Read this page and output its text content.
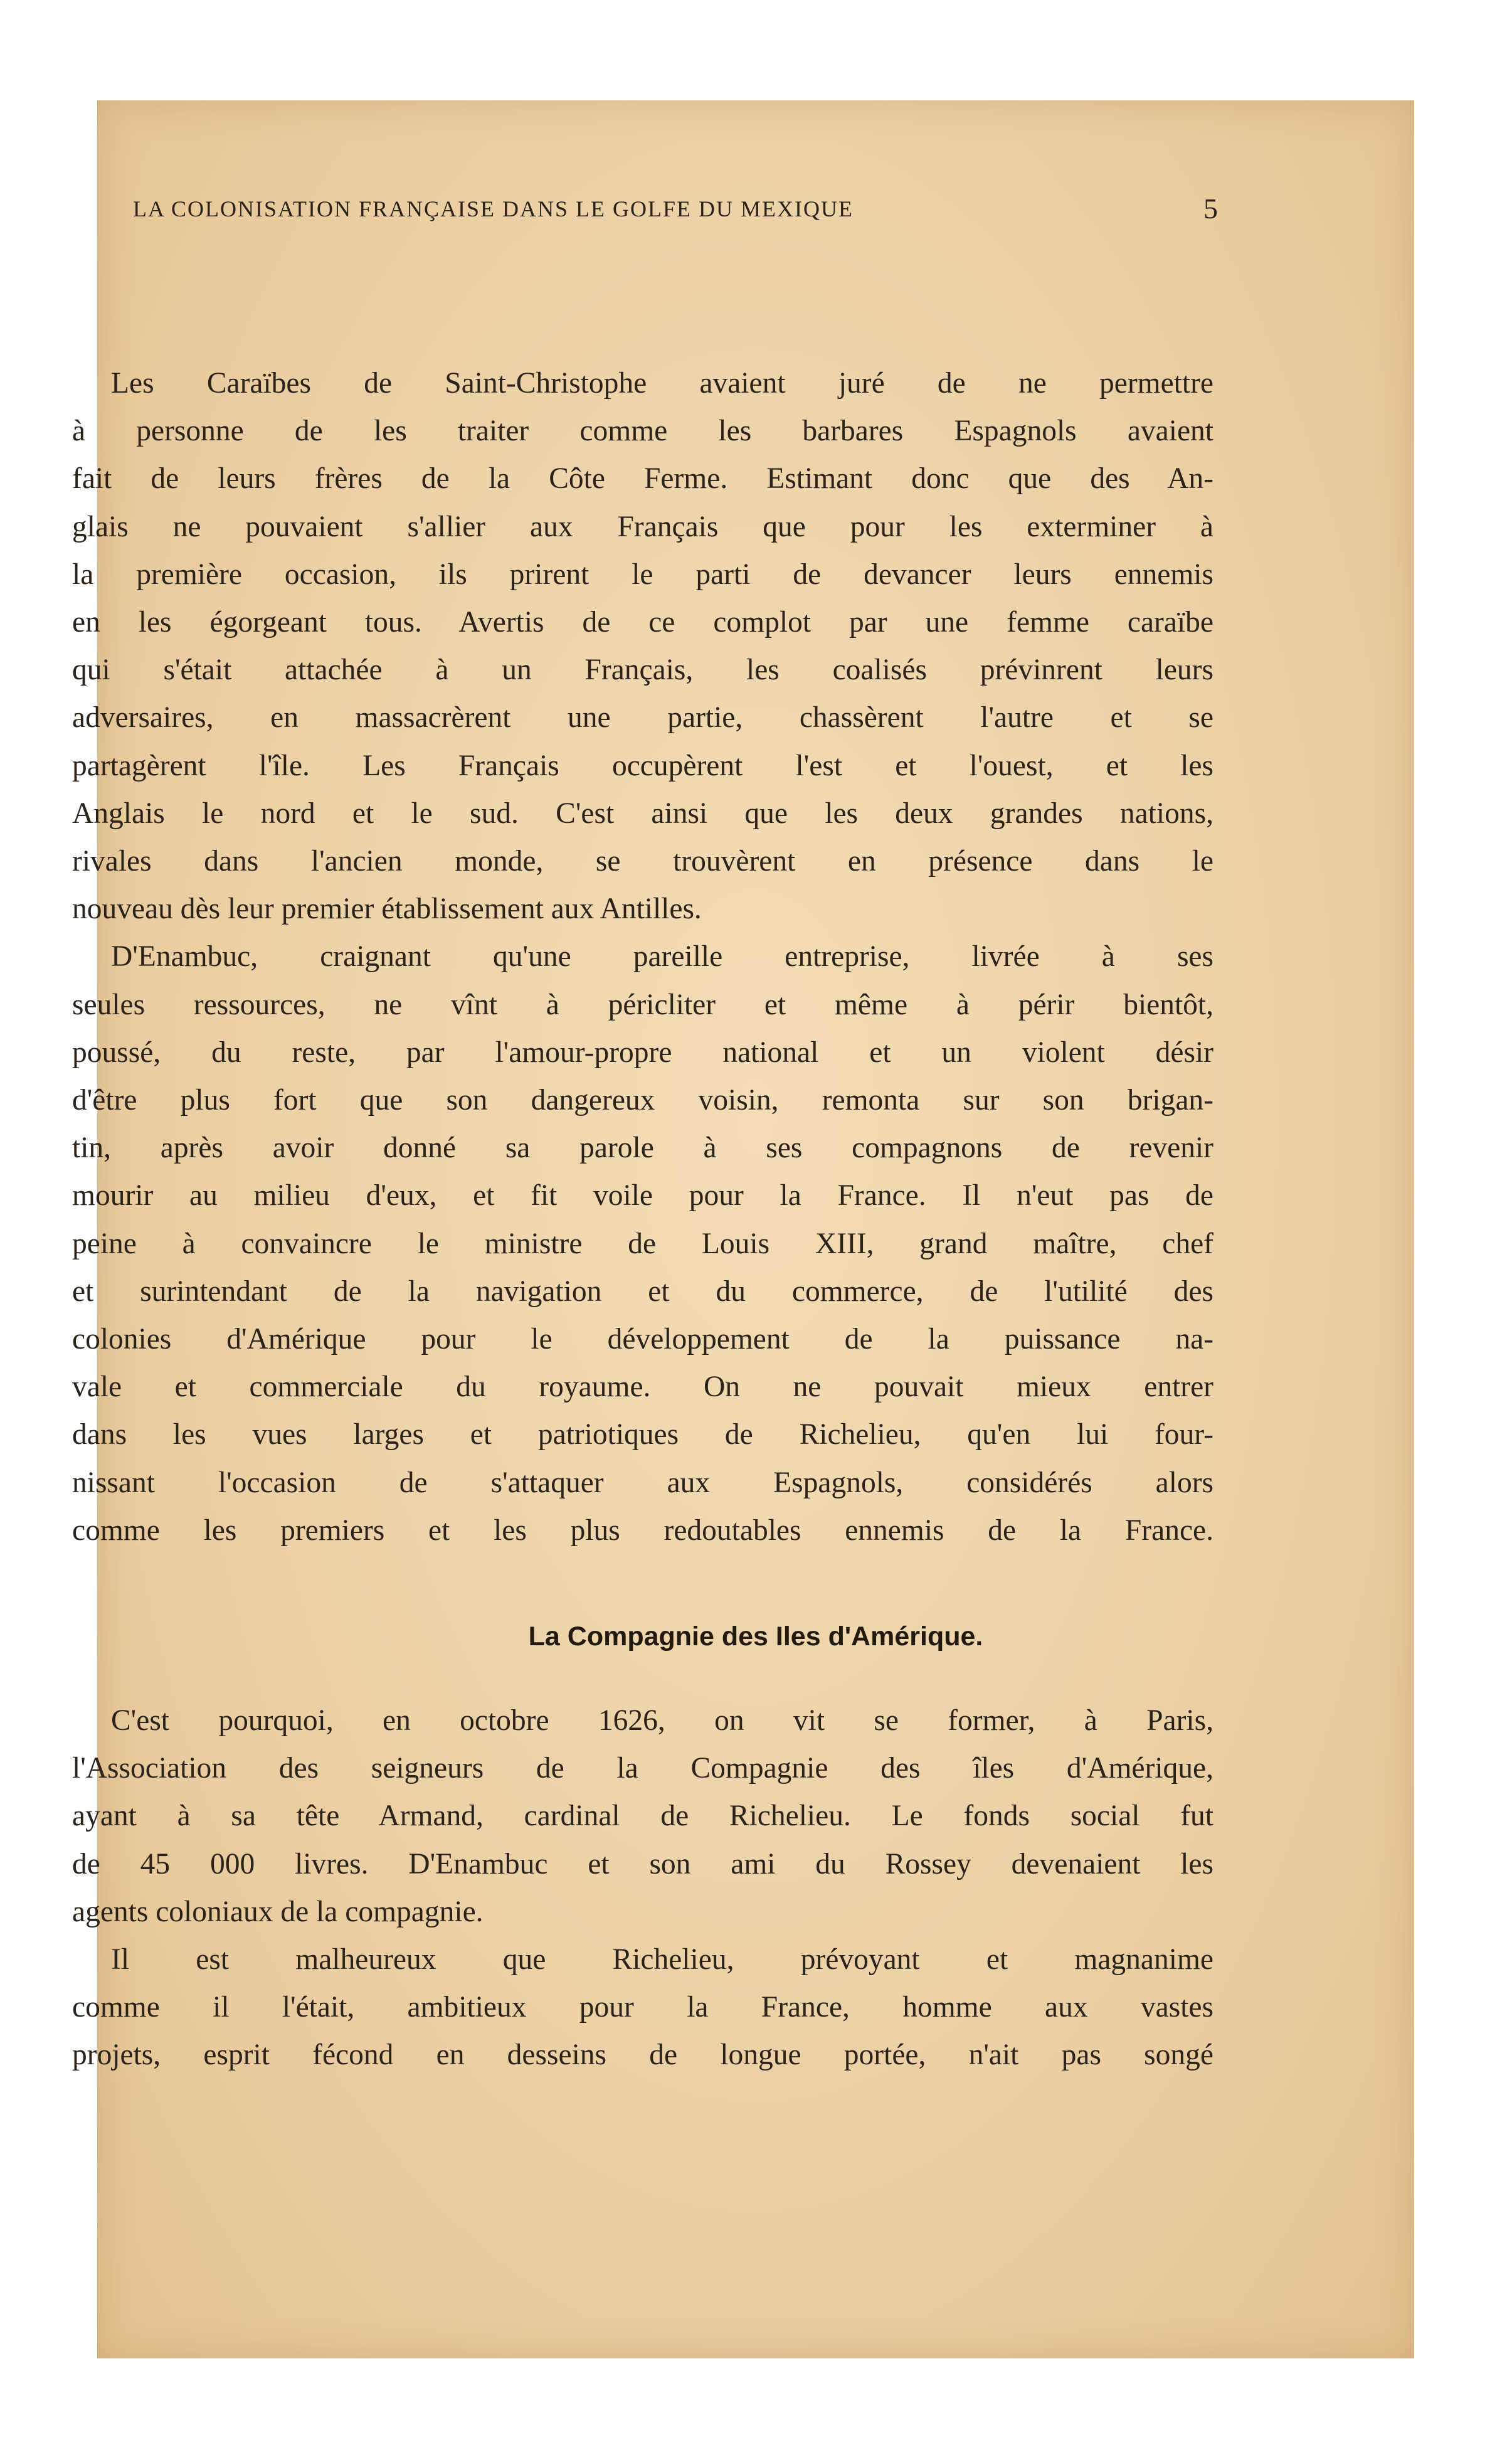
LA COLONISATION FRANÇAISE DANS LE GOLFE DU MEXIQUE	5
Les Caraïbes de Saint-Christophe avaient juré de ne permettre
à personne de les traiter comme les barbares Espagnols avaient
fait de leurs frères de la Côte Ferme. Estimant donc que des An-
glais ne pouvaient s'allier aux Français que pour les exterminer à
la première occasion, ils prirent le parti de devancer leurs ennemis
en les égorgeant tous. Avertis de ce complot par une femme caraïbe
qui s'était attachée à un Français, les coalisés prévinrent leurs
adversaires, en massacrèrent une partie, chassèrent l'autre et se
partagèrent l'île. Les Français occupèrent l'est et l'ouest, et les
Anglais le nord et le sud. C'est ainsi que les deux grandes nations,
rivales dans l'ancien monde, se trouvèrent en présence dans le
nouveau dès leur premier établissement aux Antilles.
D'Enambuc, craignant qu'une pareille entreprise, livrée à ses
seules ressources, ne vînt à péricliter et même à périr bientôt,
poussé, du reste, par l'amour-propre national et un violent désir
d'être plus fort que son dangereux voisin, remonta sur son brigan-
tin, après avoir donné sa parole à ses compagnons de revenir
mourir au milieu d'eux, et fit voile pour la France. Il n'eut pas de
peine à convaincre le ministre de Louis XIII, grand maître, chef
et surintendant de la navigation et du commerce, de l'utilité des
colonies d'Amérique pour le développement de la puissance na-
vale et commerciale du royaume. On ne pouvait mieux entrer
dans les vues larges et patriotiques de Richelieu, qu'en lui four-
nissant l'occasion de s'attaquer aux Espagnols, considérés alors
comme les premiers et les plus redoutables ennemis de la France.
La Compagnie des Iles d'Amérique.
C'est pourquoi, en octobre 1626, on vit se former, à Paris,
l'Association des seigneurs de la Compagnie des îles d'Amérique,
ayant à sa tête Armand, cardinal de Richelieu. Le fonds social fut
de 45 000 livres. D'Enambuc et son ami du Rossey devenaient les
agents coloniaux de la compagnie.
Il est malheureux que Richelieu, prévoyant et magnanime
comme il l'était, ambitieux pour la France, homme aux vastes
projets, esprit fécond en desseins de longue portée, n'ait pas songé
